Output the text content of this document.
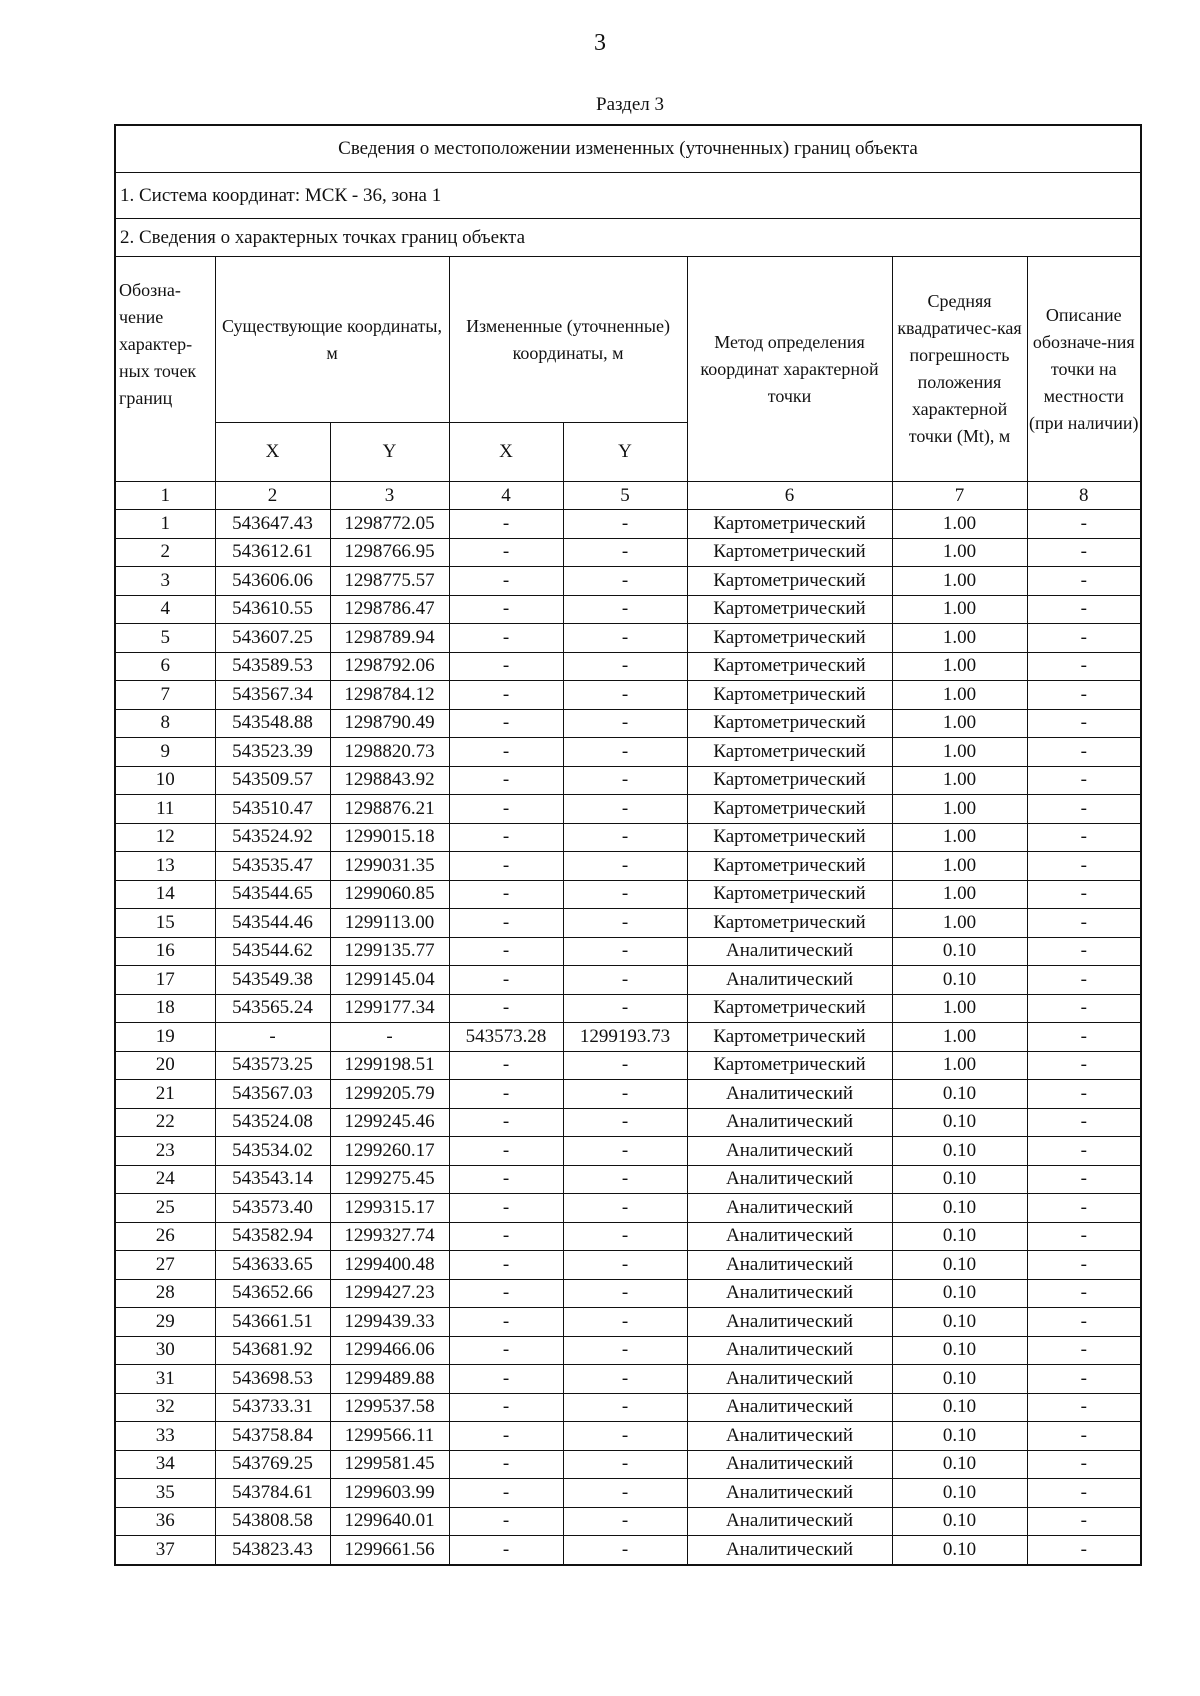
3
Раздел 3
Сведения о местоположении измененных (уточненных) границ объекта
1. Система координат: МСК - 36, зона 1
2. Сведения о характерных точках границ объекта
Обозна-чение характер-ных точек границ	Существующие координаты, м		Измененные (уточненные) координаты, м		Метод определения координат характерной точки	Средняя квадратичес-кая погрешность положения характерной точки (Mt), м	Описание обозначе-ния точки на местности (при наличии)
	X	Y	X	Y			
1	2	3	4	5	6	7	8
1	543647.43	1298772.05	-	-	Картометрический	1.00	-
2	543612.61	1298766.95	-	-	Картометрический	1.00	-
3	543606.06	1298775.57	-	-	Картометрический	1.00	-
4	543610.55	1298786.47	-	-	Картометрический	1.00	-
5	543607.25	1298789.94	-	-	Картометрический	1.00	-
6	543589.53	1298792.06	-	-	Картометрический	1.00	-
7	543567.34	1298784.12	-	-	Картометрический	1.00	-
8	543548.88	1298790.49	-	-	Картометрический	1.00	-
9	543523.39	1298820.73	-	-	Картометрический	1.00	-
10	543509.57	1298843.92	-	-	Картометрический	1.00	-
11	543510.47	1298876.21	-	-	Картометрический	1.00	-
12	543524.92	1299015.18	-	-	Картометрический	1.00	-
13	543535.47	1299031.35	-	-	Картометрический	1.00	-
14	543544.65	1299060.85	-	-	Картометрический	1.00	-
15	543544.46	1299113.00	-	-	Картометрический	1.00	-
16	543544.62	1299135.77	-	-	Аналитический	0.10	-
17	543549.38	1299145.04	-	-	Аналитический	0.10	-
18	543565.24	1299177.34	-	-	Картометрический	1.00	-
19	-	-	543573.28	1299193.73	Картометрический	1.00	-
20	543573.25	1299198.51	-	-	Картометрический	1.00	-
21	543567.03	1299205.79	-	-	Аналитический	0.10	-
22	543524.08	1299245.46	-	-	Аналитический	0.10	-
23	543534.02	1299260.17	-	-	Аналитический	0.10	-
24	543543.14	1299275.45	-	-	Аналитический	0.10	-
25	543573.40	1299315.17	-	-	Аналитический	0.10	-
26	543582.94	1299327.74	-	-	Аналитический	0.10	-
27	543633.65	1299400.48	-	-	Аналитический	0.10	-
28	543652.66	1299427.23	-	-	Аналитический	0.10	-
29	543661.51	1299439.33	-	-	Аналитический	0.10	-
30	543681.92	1299466.06	-	-	Аналитический	0.10	-
31	543698.53	1299489.88	-	-	Аналитический	0.10	-
32	543733.31	1299537.58	-	-	Аналитический	0.10	-
33	543758.84	1299566.11	-	-	Аналитический	0.10	-
34	543769.25	1299581.45	-	-	Аналитический	0.10	-
35	543784.61	1299603.99	-	-	Аналитический	0.10	-
36	543808.58	1299640.01	-	-	Аналитический	0.10	-
37	543823.43	1299661.56	-	-	Аналитический	0.10	-
